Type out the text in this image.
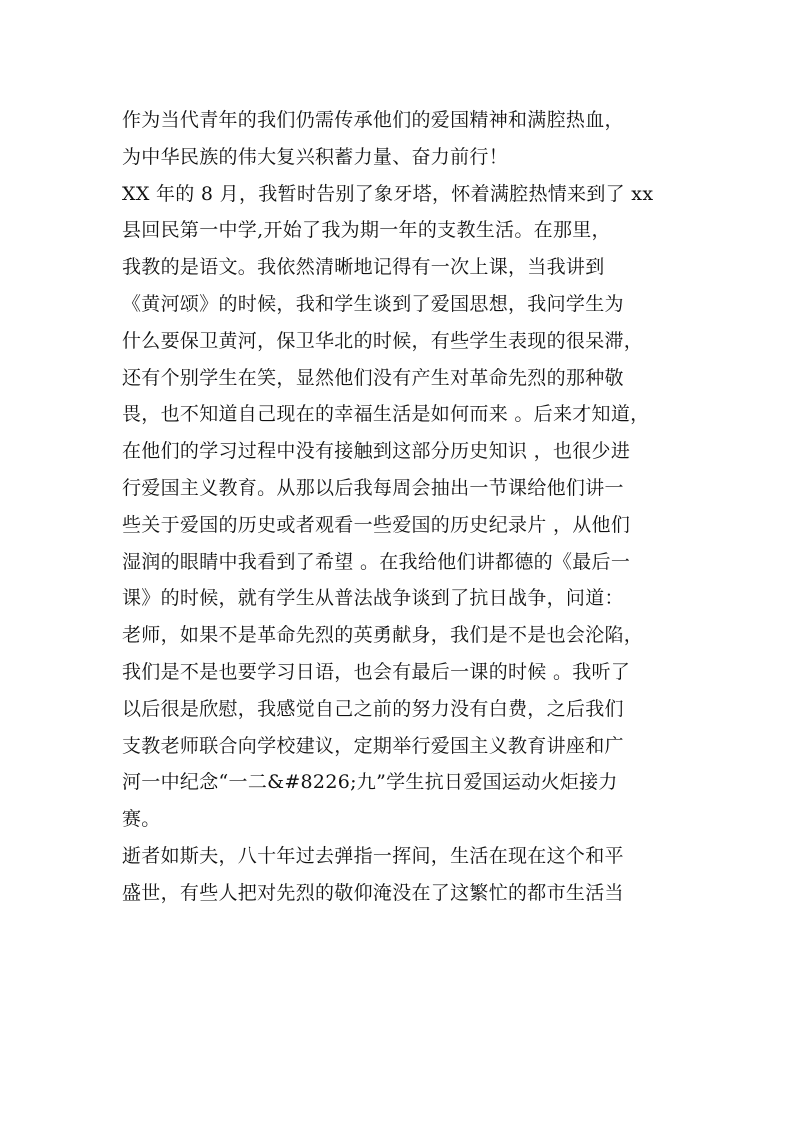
作为当代青年的我们仍需传承他们的爱国精神和满腔热血，
为中华民族的伟大复兴积蓄力量、奋力前行！

XX 年的 8 月，我暂时告别了象牙塔，怀着满腔热情来到了 xx
县回民第一中学,开始了我为期一年的支教生活。在那里，
我教的是语文。我依然清晰地记得有一次上课，当我讲到
《黄河颂》的时候，我和学生谈到了爱国思想，我问学生为
什么要保卫黄河，保卫华北的时候，有些学生表现的很呆滞，
还有个别学生在笑，显然他们没有产生对革命先烈的那种敬
畏，也不知道自己现在的幸福生活是如何而来 。后来才知道，
在他们的学习过程中没有接触到这部分历史知识 ，也很少进
行爱国主义教育。从那以后我每周会抽出一节课给他们讲一
些关于爱国的历史或者观看一些爱国的历史纪录片 ，从他们
湿润的眼睛中我看到了希望 。在我给他们讲都德的《最后一
课》的时候，就有学生从普法战争谈到了抗日战争，问道：
老师，如果不是革命先烈的英勇献身，我们是不是也会沦陷，
我们是不是也要学习日语，也会有最后一课的时候 。我听了
以后很是欣慰，我感觉自己之前的努力没有白费，之后我们
支教老师联合向学校建议，定期举行爱国主义教育讲座和广
河一中纪念“一二&#8226;九”学生抗日爱国运动火炬接力
赛。

逝者如斯夫，八十年过去弹指一挥间，生活在现在这个和平
盛世，有些人把对先烈的敬仰淹没在了这繁忙的都市生活当
